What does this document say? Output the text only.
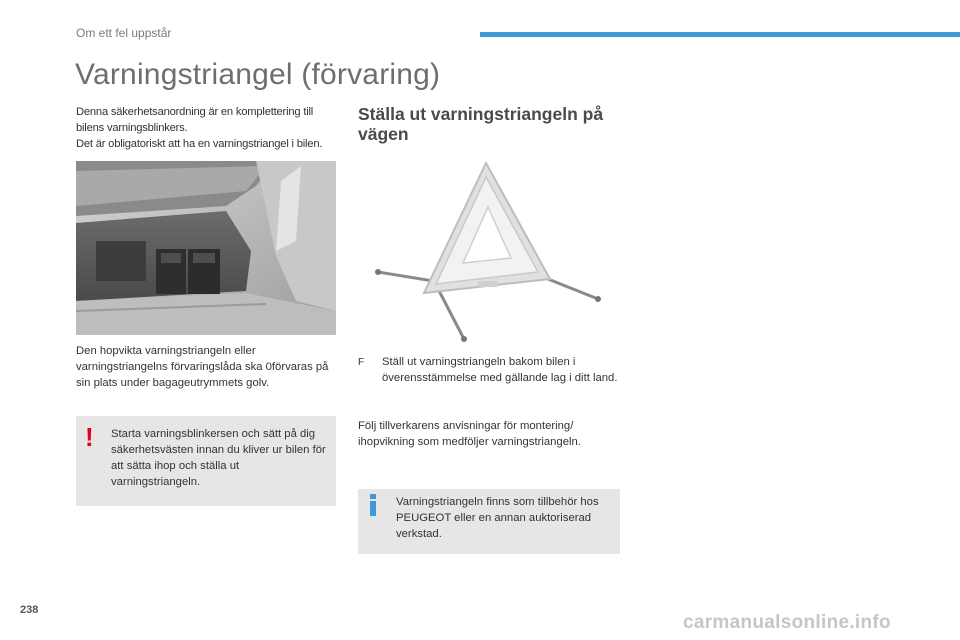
Om ett fel uppstår
Varningstriangel (förvaring)

Denna säkerhetsanordning är en komplettering till bilens varningsblinkers.

Det är obligatoriskt att ha en varningstriangel i bilen.

Den hopvikta varningstriangeln eller varningstriangelns förvaringslåda ska 0förvaras på sin plats under bagageutrymmets golv.
! Starta varningsblinkersen och sätt på dig säkerhetsvästen innan du kliver ur bilen för att sätta ihop och ställa ut varningstriangeln.
Ställa ut varningstriangeln på vägen
F Ställ ut varningstriangeln bakom bilen i överensstämmelse med gällande lag i ditt land.
Följ tillverkarens anvisningar för montering/ ihopvikning som medföljer varningstriangeln.
Varningstriangeln finns som tillbehör hos PEUGEOT eller en annan auktoriserad verkstad.
238
carmanualsonline.info
